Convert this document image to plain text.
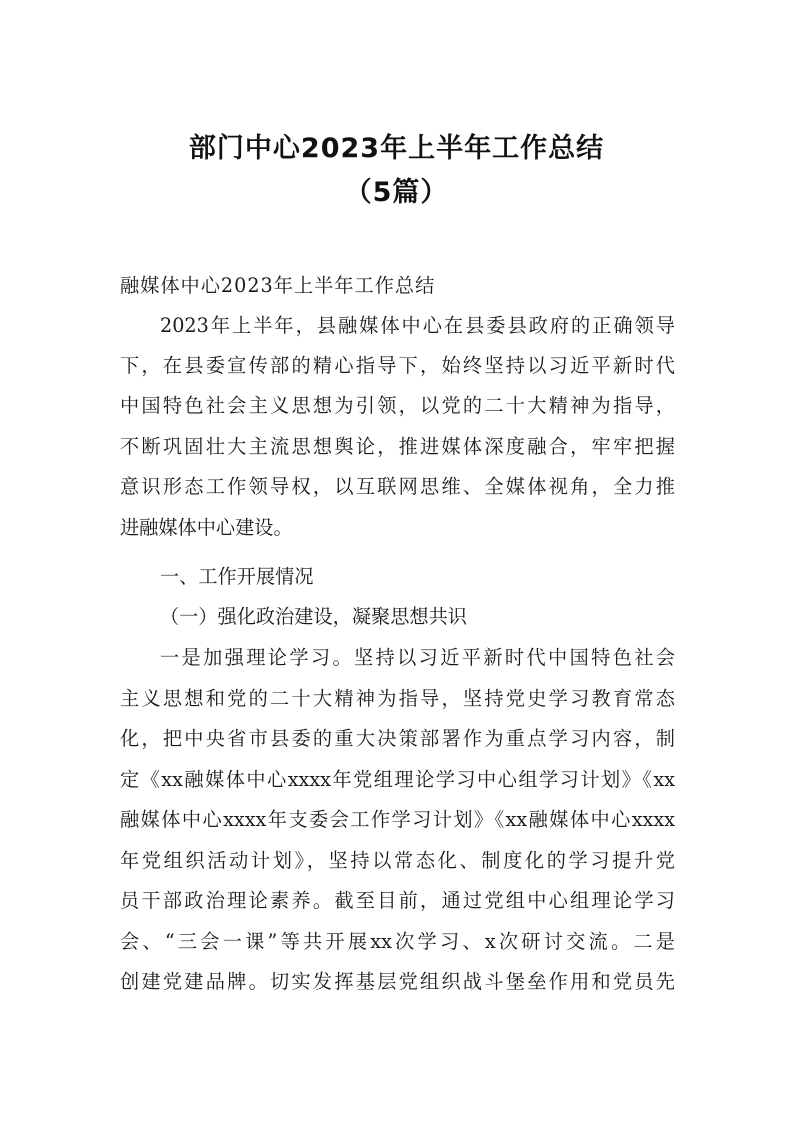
部门中心2023年上半年工作总结
（5篇）
融媒体中心2023年上半年工作总结
2023年上半年，县融媒体中心在县委县政府的正确领导
下，在县委宣传部的精心指导下，始终坚持以习近平新时代
中国特色社会主义思想为引领，以党的二十大精神为指导，
不断巩固壮大主流思想舆论，推进媒体深度融合，牢牢把握
意识形态工作领导权，以互联网思维、全媒体视角，全力推
进融媒体中心建设。
一、工作开展情况
（一）强化政治建设，凝聚思想共识
一是加强理论学习。坚持以习近平新时代中国特色社会
主义思想和党的二十大精神为指导，坚持党史学习教育常态
化，把中央省市县委的重大决策部署作为重点学习内容，制
定《xx融媒体中心xxxx年党组理论学习中心组学习计划》《xx
融媒体中心xxxx年支委会工作学习计划》《xx融媒体中心xxxx
年党组织活动计划》，坚持以常态化、制度化的学习提升党
员干部政治理论素养。截至目前，通过党组中心组理论学习
会、“三会一课”等共开展xx次学习、x次研讨交流。二是
创建党建品牌。切实发挥基层党组织战斗堡垒作用和党员先
